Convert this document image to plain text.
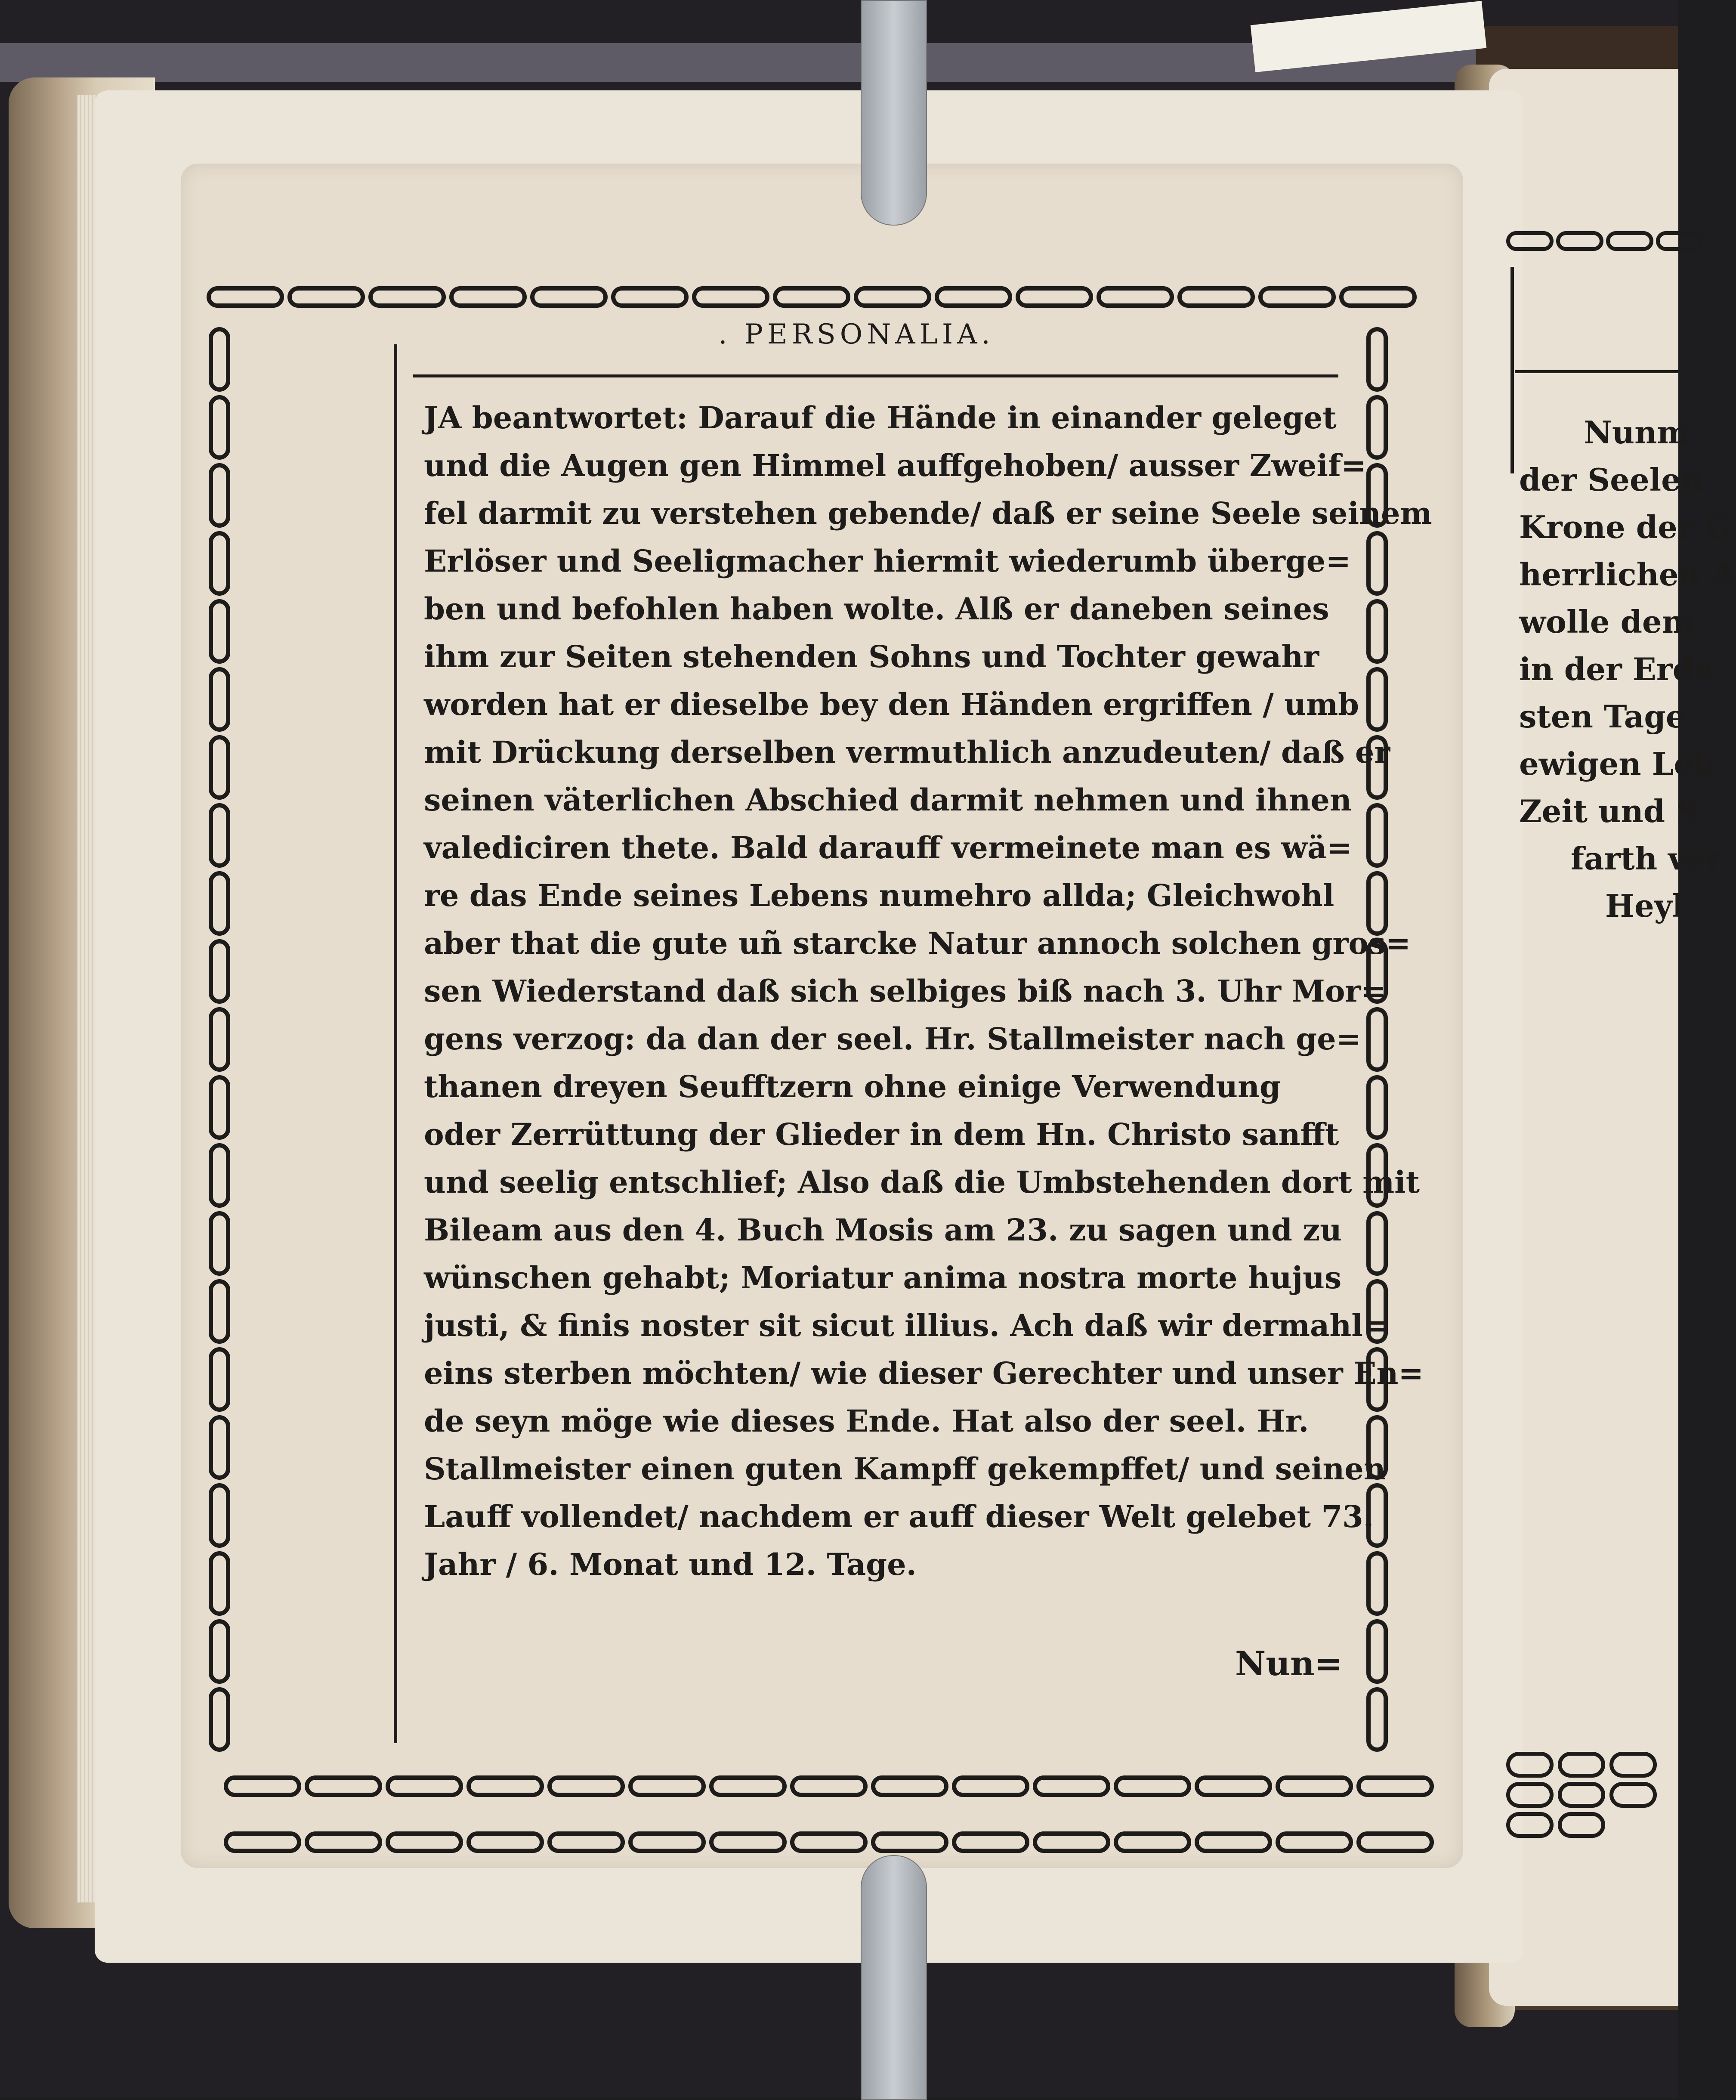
. PERSONALIA.
JA beantwortet: Darauf die Hände in einander geleget
und die Augen gen Himmel auffgehoben/ ausser Zweif=
fel darmit zu verstehen gebende/ daß er seine Seele seinem
Erlöser und Seeligmacher hiermit wiederumb überge=
ben und befohlen haben wolte. Alß er daneben seines
ihm zur Seiten stehenden Sohns und Tochter gewahr
worden hat er dieselbe bey den Händen ergriffen / umb
mit Drückung derselben vermuthlich anzudeuten/ daß er
seinen väterlichen Abschied darmit nehmen und ihnen
valediciren thete. Bald darauff vermeinete man es wä=
re das Ende seines Lebens numehro allda; Gleichwohl
aber that die gute uñ starcke Natur annoch solchen gros=
sen Wiederstand daß sich selbiges biß nach 3. Uhr Mor=
gens verzog: da dan der seel. Hr. Stallmeister nach ge=
thanen dreyen Seufftzern ohne einige Verwendung
oder Zerrüttung der Glieder in dem Hn. Christo sanfft
und seelig entschlief; Also daß die Umbstehenden dort mit
Bileam aus den 4. Buch Mosis am 23. zu sagen und zu
wünschen gehabt; Moriatur anima nostra morte hujus
justi, & finis noster sit sicut illius. Ach daß wir dermahl=
eins sterben möchten/ wie dieser Gerechter und unser En=
de seyn möge wie dieses Ende. Hat also der seel. Hr.
Stallmeister einen guten Kampff gekempffet/ und seinen
Lauff vollendet/ nachdem er auff dieser Welt gelebet 73.
Jahr / 6. Monat und 12. Tage.
Nun=
Nunm
der Seelen
Krone der G
herrlichen A
wolle dem
in der Erde
sten Tage
ewigen Leb
Zeit und S
farth ver
Heyl
